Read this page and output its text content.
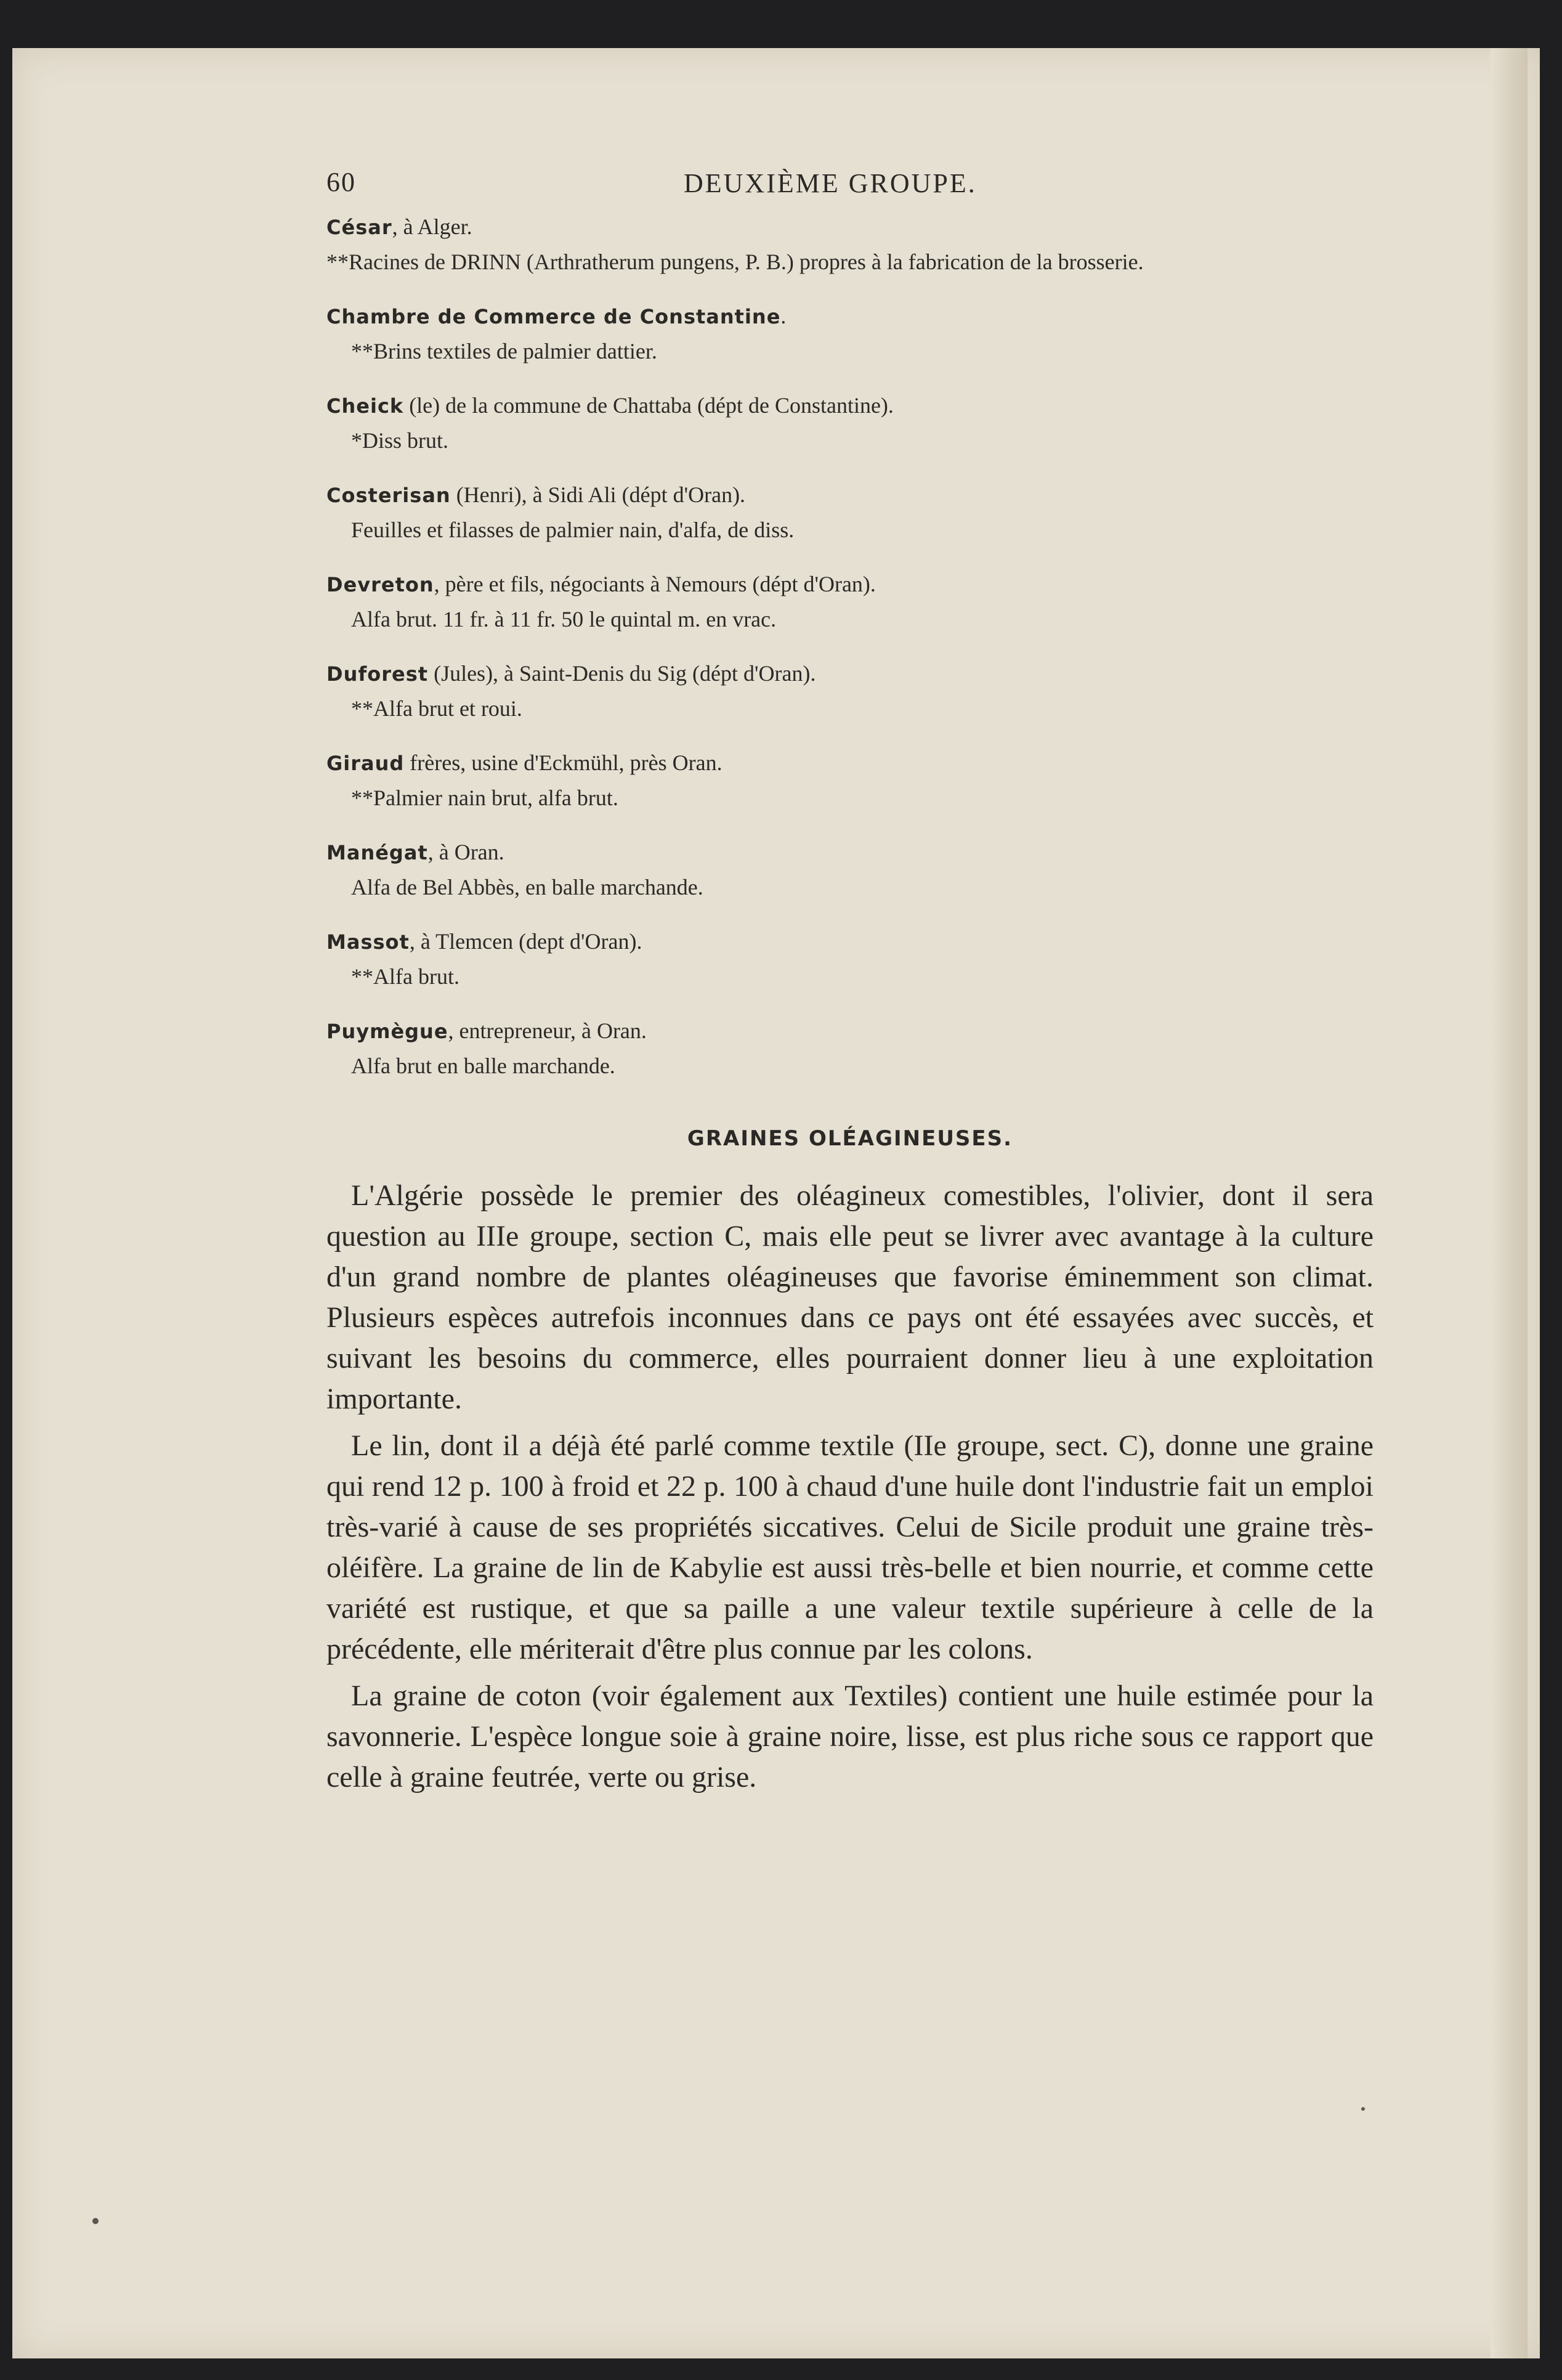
60	DEUXIÈME GROUPE.
César, à Alger.
**Racines de DRINN (Arthratherum pungens, P. B.) propres à la fabrication de la brosserie.
Chambre de Commerce de Constantine.
**Brins textiles de palmier dattier.
Cheick (le) de la commune de Chattaba (dépt de Constantine).
*Diss brut.
Costerisan (Henri), à Sidi Ali (dépt d'Oran).
Feuilles et filasses de palmier nain, d'alfa, de diss.
Devreton, père et fils, négociants à Nemours (dépt d'Oran).
Alfa brut. 11 fr. à 11 fr. 50 le quintal m. en vrac.
Duforest (Jules), à Saint-Denis du Sig (dépt d'Oran).
**Alfa brut et roui.
Giraud frères, usine d'Eckmühl, près Oran.
**Palmier nain brut, alfa brut.
Manégat, à Oran.
Alfa de Bel Abbès, en balle marchande.
Massot, à Tlemcen (dept d'Oran).
**Alfa brut.
Puymègue, entrepreneur, à Oran.
Alfa brut en balle marchande.
GRAINES OLÉAGINEUSES.

L'Algérie possède le premier des oléagineux comestibles, l'olivier, dont il sera question au IIIe groupe, section C, mais elle peut se livrer avec avantage à la culture d'un grand nombre de plantes oléagineuses que favorise éminemment son climat. Plusieurs espèces autrefois inconnues dans ce pays ont été essayées avec succès, et suivant les besoins du commerce, elles pourraient donner lieu à une exploitation importante.

Le lin, dont il a déjà été parlé comme textile (IIe groupe, sect. C), donne une graine qui rend 12 p. 100 à froid et 22 p. 100 à chaud d'une huile dont l'industrie fait un emploi très-varié à cause de ses propriétés siccatives. Celui de Sicile produit une graine très-oléifère. La graine de lin de Kabylie est aussi très-belle et bien nourrie, et comme cette variété est rustique, et que sa paille a une valeur textile supérieure à celle de la précédente, elle mériterait d'être plus connue par les colons.

La graine de coton (voir également aux Textiles) contient une huile estimée pour la savonnerie. L'espèce longue soie à graine noire, lisse, est plus riche sous ce rapport que celle à graine feutrée, verte ou grise.
